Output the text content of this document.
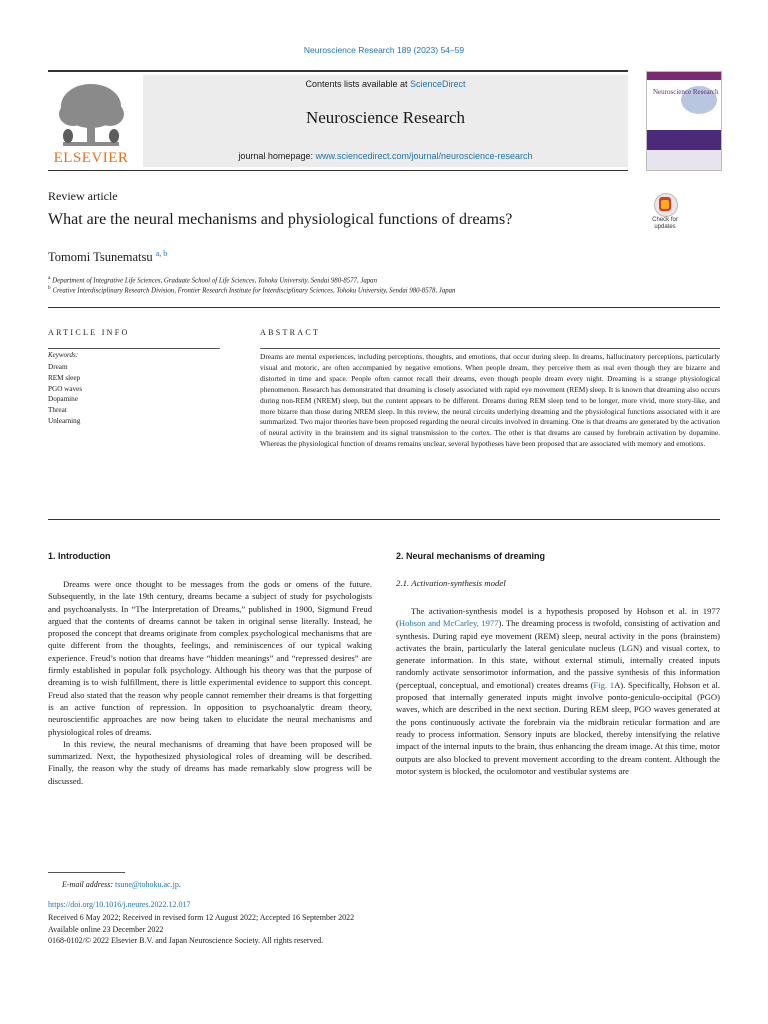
Neuroscience Research 189 (2023) 54–59
ELSEVIER
Contents lists available at ScienceDirect
Neuroscience Research
journal homepage: www.sciencedirect.com/journal/neuroscience-research
Neuroscience Research
Review article
What are the neural mechanisms and physiological functions of dreams?	Check for updates
Tomomi Tsunematsu $^{a, b}$
$^a$ Department of Integrative Life Sciences, Graduate School of Life Sciences, Tohoku University, Sendai 980-8577, Japan
$^b$ Creative Interdisciplinary Research Division, Frontier Research Institute for Interdisciplinary Sciences, Tohoku University, Sendai 980-8578, Japan
ARTICLE INFO	ABSTRACT
Keywords:
Dream
REM sleep
PGO waves
Dopamine
Threat
Unlearning
Dreams are mental experiences, including perceptions, thoughts, and emotions, that occur during sleep. In dreams, hallucinatory perceptions, particularly visual and motoric, are often accompanied by negative emotions. When people dream, they perceive them as real even though they are bizarre and distorted in time and space. People often cannot recall their dreams, even though people dream every night. Dreaming is a strange physiological phenomenon. Research has demonstrated that dreaming is closely associated with rapid eye movement (REM) sleep. It is known that dreaming also occurs during non-REM (NREM) sleep, but the content appears to be different. Dreams during REM sleep tend to be longer, more vivid, more story-like, and more bizarre than those during NREM sleep. In this review, the neural circuits underlying dreaming and the physiological functions associated with it are summarized. Two major theories have been proposed regarding the neural circuits involved in dreaming. One is that dreams are generated by the activation of neural activity in the brainstem and its signal transmission to the cortex. The other is that dreams are caused by forebrain activation by dopamine. Whereas the physiological function of dreams remains unclear, several hypotheses have been proposed that are associated with memory and emotions.
1. Introduction

Dreams were once thought to be messages from the gods or omens of the future. Subsequently, in the late 19th century, dreams became a subject of study for psychologists and psychoanalysts. In “The Interpretation of Dreams,” published in 1900, Sigmund Freud argued that the contents of dreams cannot be taken in original sense literally. Instead, he proposed the concept that dreams originate from complex psychological mechanisms that are quite different from the thoughts, feelings, and reminiscences of our typical waking experience. Freud’s notion that dreams have “hidden meanings” and “repressed desires” are firmly established in popular folk psychology. Although his theory was that the purpose of dreaming is to wish fulfillment, there is little experimental evidence to support this concept. Freud also stated that the reason why people cannot remember their dreams is that forgetting is an active function of repression. In opposition to psychoanalytic dream theory, neuroscientific approaches are now being taken to elucidate the neural mechanisms and physiological roles of dreams.

In this review, the neural mechanisms of dreaming that have been proposed will be summarized. Next, the hypothesized physiological roles of dreaming will be described. Finally, the reason why the study of dreams has made remarkably slow progress will be discussed.

2. Neural mechanisms of dreaming
2.1. Activation-synthesis model

The activation-synthesis model is a hypothesis proposed by Hobson et al. in 1977 (Hobson and McCarley, 1977). The dreaming process is twofold, consisting of activation and synthesis. During rapid eye movement (REM) sleep, neural activity in the pons (brainstem) activates the brain, particularly the lateral geniculate nucleus (LGN) and visual cortex, to generate information. In this state, without external stimuli, internally created inputs randomly activate sensorimotor information, and the passive synthesis of this information (perceptual, conceptual, and emotional) creates dreams (Fig. 1A). Specifically, Hobson et al. proposed that internally generated inputs might involve ponto-geniculo-occipital (PGO) waves, which are described in the next section. During REM sleep, PGO waves generated at the pons continuously activate the forebrain via the midbrain reticular formation and are ready to process information. Sensory inputs are blocked, thereby intensifying the relative impact of the internal inputs to the brain, thus enhancing the dream image. At this time, motor outputs are also blocked to prevent movement according to the dream content. Although the motor system is blocked, the oculomotor and vestibular systems are

E-mail address: tsune@tohoku.ac.jp.
https://doi.org/10.1016/j.neures.2022.12.017
Received 6 May 2022; Received in revised form 12 August 2022; Accepted 16 September 2022
Available online 23 December 2022
0168-0102/© 2022 Elsevier B.V. and Japan Neuroscience Society. All rights reserved.
